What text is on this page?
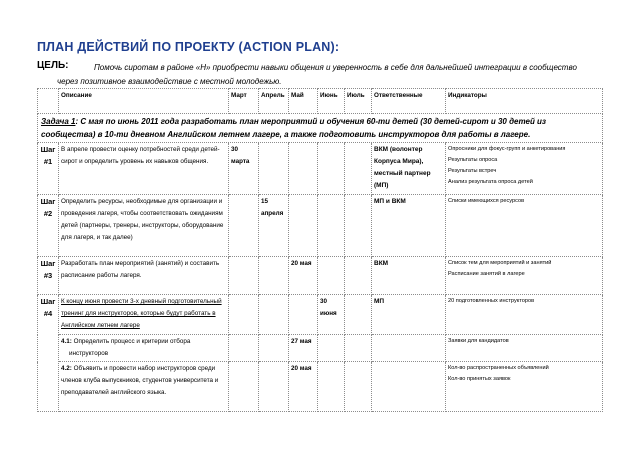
ПЛАН ДЕЙСТВИЙ ПО ПРОЕКТУ (ACTION PLAN):
ЦЕЛЬ:	Помочь сиротам в районе «Н» приобрести навыки общения и уверенность в себе для дальнейшей интеграции в сообщество
через позитивное взаимодействие с местной молодежью.
	Описание	Март	Апрель	Май	Июнь	Июль	Ответственные	Индикаторы
Задача 1: С мая по июнь 2011 года разработать план мероприятий и обучения 60-ти детей (30 детей-сирот и 30 детей из сообщества) в 10-ти дневном Английском летнем лагере, а также подготовить инструкторов для работы в лагере.								
Шаг #1	В апреле провести оценку потребностей среди детей-сирот и определить уровень их навыков общения.	30 марта					ВКМ (волонтер Корпуса Мира), местный партнер (МП)	Опросники для фокус-групп и анкетирования
Результаты опроса
Результаты встреч
Анализ результата опроса детей

Шаг #2	Определить ресурсы, необходимые для организации и проведения лагеря, чтобы соответствовать ожиданиям детей (партнеры, тренеры, инструкторы, оборудование для лагеря, и так далее)		15 апреля				МП и ВКМ	Списки имеющихся ресурсов

Шаг #3	Разработать план мероприятий (занятий) и составить расписание работы лагеря.			20 мая			ВКМ	Список тем для мероприятий и занятий
Расписание занятий в лагере

Шаг #4	К концу июня провести 3-х дневный подготовительный тренинг для инструкторов, которые будут работать в Английском летнем лагере				30 июня		МП	20 подготовленных инструкторов

	4.1: Определить процесс и критерии отбора
инструкторов			27 мая				Заявки для кандидатов

	4.2: Объявить и провести набор инструкторов среди членов клуба выпускников, студентов университета и преподавателей английского языка.			20 мая				Кол-во распространенных объявлений
Кол-во принятых заявок
